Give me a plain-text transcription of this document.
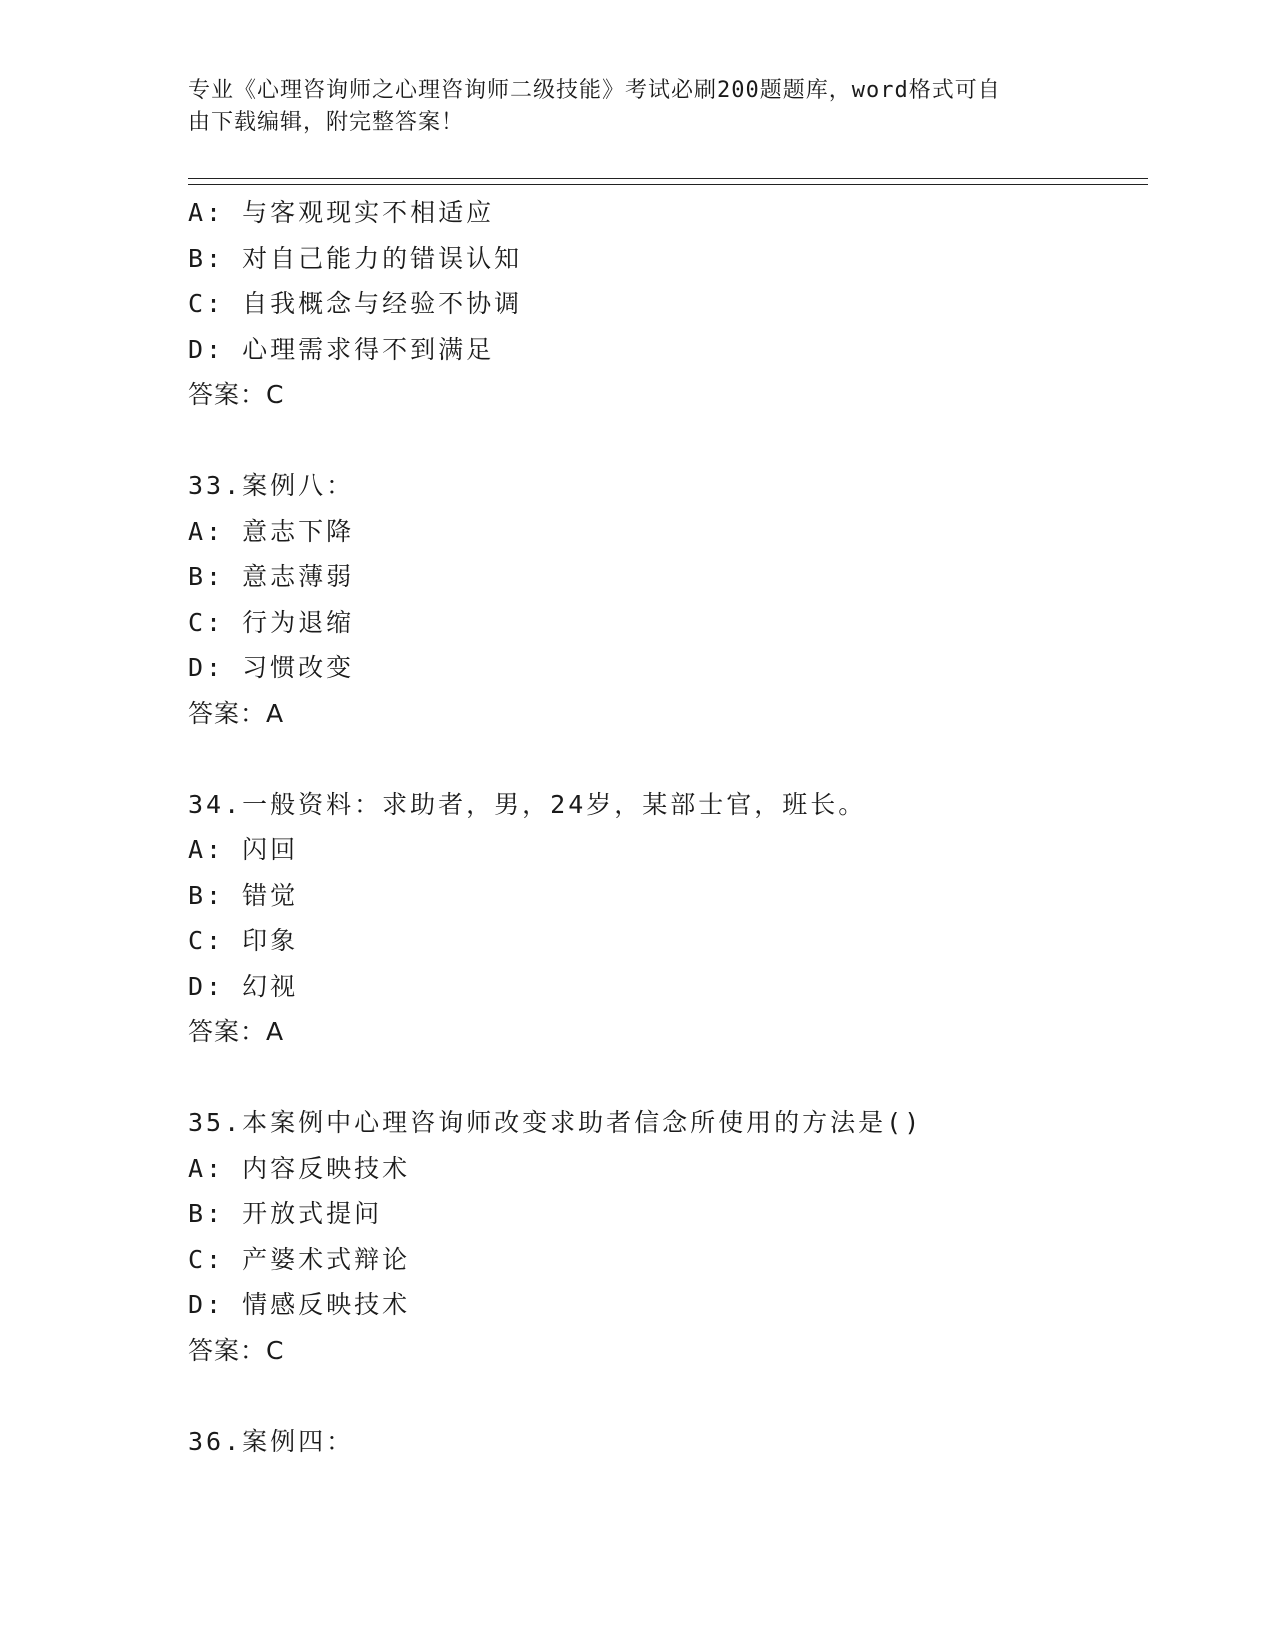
专业《心理咨询师之心理咨询师二级技能》考试必刷200题题库，word格式可自
由下载编辑，附完整答案！
A: 与客观现实不相适应
B: 对自己能力的错误认知
C: 自我概念与经验不协调
D: 心理需求得不到满足
答案：C
33.案例八：
A: 意志下降
B: 意志薄弱
C: 行为退缩
D: 习惯改变
答案：A
34.一般资料：求助者，男，24岁，某部士官，班长。
A: 闪回
B: 错觉
C: 印象
D: 幻视
答案：A
35.本案例中心理咨询师改变求助者信念所使用的方法是()
A: 内容反映技术
B: 开放式提问
C: 产婆术式辩论
D: 情感反映技术
答案：C
36.案例四：
